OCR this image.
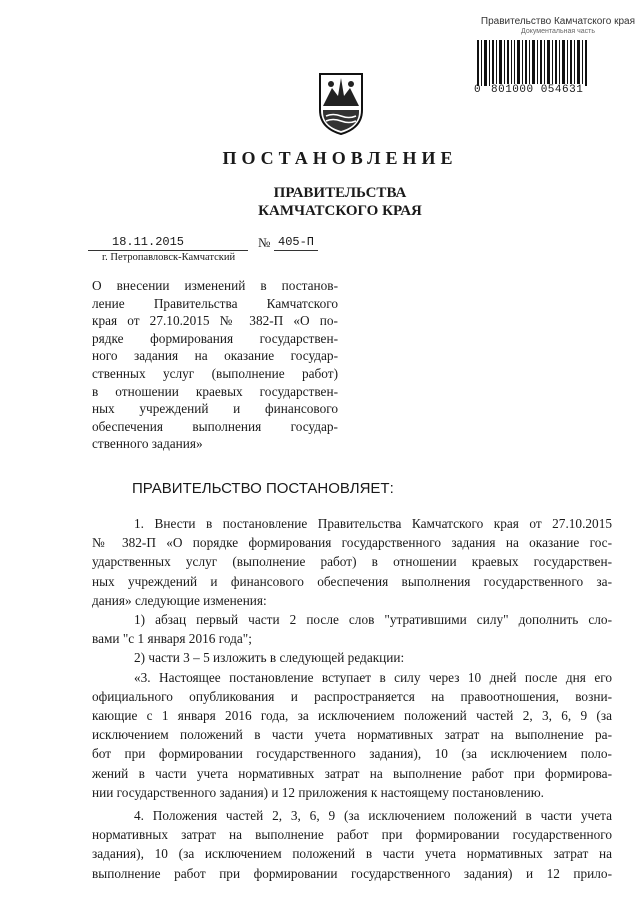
Правительство Камчатского края
Документальная часть
0 801000 054631
ПОСТАНОВЛЕНИЕ
ПРАВИТЕЛЬСТВА
КАМЧАТСКОГО КРАЯ
18.11.2015	№ 405-П
г. Петропавловск-Камчатский
О внесении изменений в постанов-
ление Правительства Камчатского
края от 27.10.2015 № 382-П «О по-
рядке формирования государствен-
ного задания на оказание государ-
ственных услуг (выполнение работ)
в отношении краевых государствен-
ных учреждений и финансового
обеспечения выполнения государ-
ственного задания»
ПРАВИТЕЛЬСТВО ПОСТАНОВЛЯЕТ:
1. Внести в постановление Правительства Камчатского края от 27.10.2015
№ 382-П «О порядке формирования государственного задания на оказание гос-
ударственных услуг (выполнение работ) в отношении краевых государствен-
ных учреждений и финансового обеспечения выполнения государственного за-
дания» следующие изменения:
1) абзац первый части 2 после слов "утратившими силу" дополнить сло-
вами "с 1 января 2016 года";
2) части 3 – 5 изложить в следующей редакции:
«3. Настоящее постановление вступает в силу через 10 дней после дня его
официального опубликования и распространяется на правоотношения, возни-
кающие с 1 января 2016 года, за исключением положений частей 2, 3, 6, 9 (за
исключением положений в части учета нормативных затрат на выполнение ра-
бот при формировании государственного задания), 10 (за исключением поло-
жений в части учета нормативных затрат на выполнение работ при формирова-
нии государственного задания) и 12 приложения к настоящему постановлению.
4. Положения частей 2, 3, 6, 9 (за исключением положений в части учета
нормативных затрат на выполнение работ при формировании государственного
задания), 10 (за исключением положений в части учета нормативных затрат на
выполнение работ при формировании государственного задания) и 12 прило-
